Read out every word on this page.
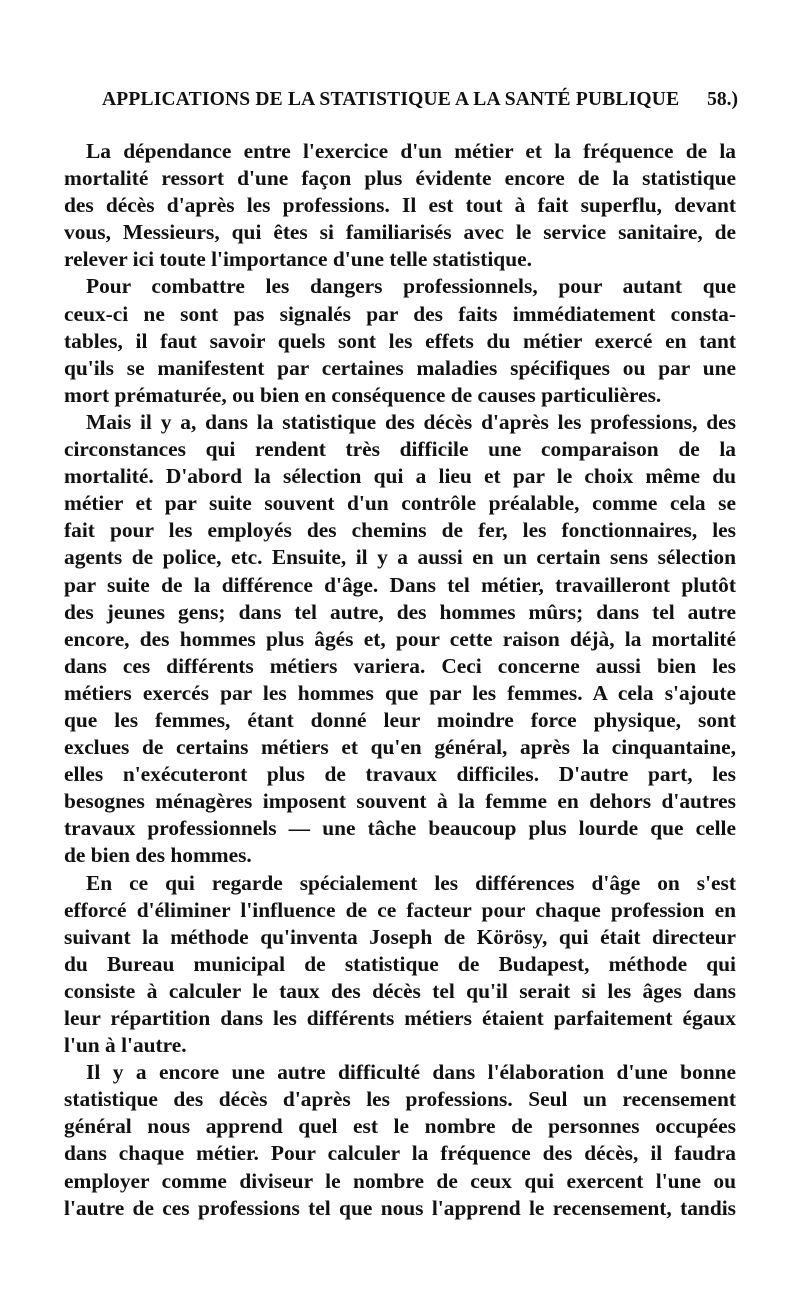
APPLICATIONS DE LA STATISTIQUE A LA SANTÉ PUBLIQUE 58.)
La dépendance entre l'exercice d'un métier et la fréquence de la
mortalité ressort d'une façon plus évidente encore de la statistique
des décès d'après les professions. Il est tout à fait superflu, devant
vous, Messieurs, qui êtes si familiarisés avec le service sanitaire, de
relever ici toute l'importance d'une telle statistique.
Pour combattre les dangers professionnels, pour autant que
ceux-ci ne sont pas signalés par des faits immédiatement consta-
tables, il faut savoir quels sont les effets du métier exercé en tant
qu'ils se manifestent par certaines maladies spécifiques ou par une
mort prématurée, ou bien en conséquence de causes particulières.
Mais il y a, dans la statistique des décès d'après les professions, des
circonstances qui rendent très difficile une comparaison de la
mortalité. D'abord la sélection qui a lieu et par le choix même du
métier et par suite souvent d'un contrôle préalable, comme cela se
fait pour les employés des chemins de fer, les fonctionnaires, les
agents de police, etc. Ensuite, il y a aussi en un certain sens sélection
par suite de la différence d'âge. Dans tel métier, travailleront plutôt
des jeunes gens; dans tel autre, des hommes mûrs; dans tel autre
encore, des hommes plus âgés et, pour cette raison déjà, la mortalité
dans ces différents métiers variera. Ceci concerne aussi bien les
métiers exercés par les hommes que par les femmes. A cela s'ajoute
que les femmes, étant donné leur moindre force physique, sont
exclues de certains métiers et qu'en général, après la cinquantaine,
elles n'exécuteront plus de travaux difficiles. D'autre part, les
besognes ménagères imposent souvent à la femme en dehors d'autres
travaux professionnels — une tâche beaucoup plus lourde que celle
de bien des hommes.
En ce qui regarde spécialement les différences d'âge on s'est
efforcé d'éliminer l'influence de ce facteur pour chaque profession en
suivant la méthode qu'inventa Joseph de Körösy, qui était directeur
du Bureau municipal de statistique de Budapest, méthode qui
consiste à calculer le taux des décès tel qu'il serait si les âges dans
leur répartition dans les différents métiers étaient parfaitement égaux
l'un à l'autre.
Il y a encore une autre difficulté dans l'élaboration d'une bonne
statistique des décès d'après les professions. Seul un recensement
général nous apprend quel est le nombre de personnes occupées
dans chaque métier. Pour calculer la fréquence des décès, il faudra
employer comme diviseur le nombre de ceux qui exercent l'une ou
l'autre de ces professions tel que nous l'apprend le recensement, tandis
